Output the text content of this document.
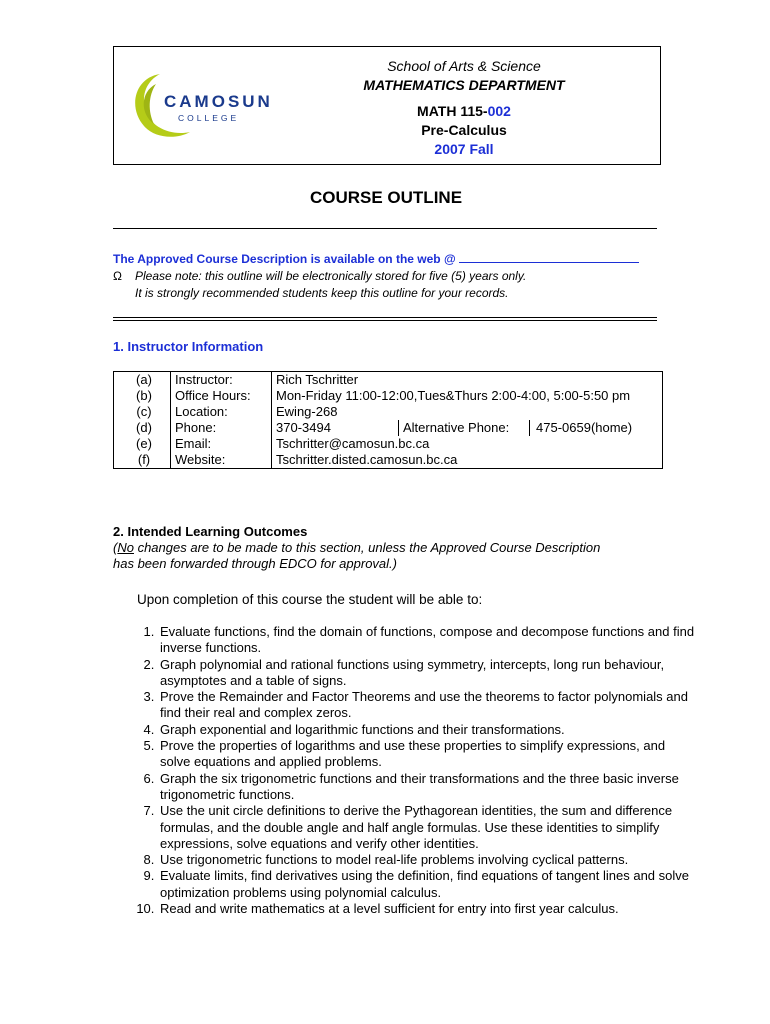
CAMOSUN
COLLEGE
School of Arts & Science
MATHEMATICS DEPARTMENT
MATH 115-002
Pre-Calculus
2007 Fall
COURSE OUTLINE
The Approved Course Description is available on the web @
Ω Please note: this outline will be electronically stored for five (5) years only.
It is strongly recommended students keep this outline for your records.
1. Instructor Information
(a)	Instructor:	Rich Tschritter
(b)	Office Hours:	Mon-Friday 11:00-12:00,Tues&Thurs 2:00-4:00, 5:00-5:50 pm
(c)	Location:	Ewing-268
(d)	Phone:	370-3494 Alternative Phone: 475-0659(home)

(e)	Email:	Tschritter@camosun.bc.ca
(f)	Website:	Tschritter.disted.camosun.bc.ca
2. Intended Learning Outcomes
(No changes are to be made to this section, unless the Approved Course Description
has been forwarded through EDCO for approval.)
Upon completion of this course the student will be able to:
1. Evaluate functions, find the domain of functions, compose and decompose functions and find inverse functions.
2. Graph polynomial and rational functions using symmetry, intercepts, long run behaviour, asymptotes and a table of signs.
3. Prove the Remainder and Factor Theorems and use the theorems to factor polynomials and find their real and complex zeros.
4. Graph exponential and logarithmic functions and their transformations.
5. Prove the properties of logarithms and use these properties to simplify expressions, and solve equations and applied problems.
6. Graph the six trigonometric functions and their transformations and the three basic inverse trigonometric functions.
7. Use the unit circle definitions to derive the Pythagorean identities, the sum and difference formulas, and the double angle and half angle formulas. Use these identities to simplify expressions, solve equations and verify other identities.
8. Use trigonometric functions to model real-life problems involving cyclical patterns.
9. Evaluate limits, find derivatives using the definition, find equations of tangent lines and solve optimization problems using polynomial calculus.
10. Read and write mathematics at a level sufficient for entry into first year calculus.
